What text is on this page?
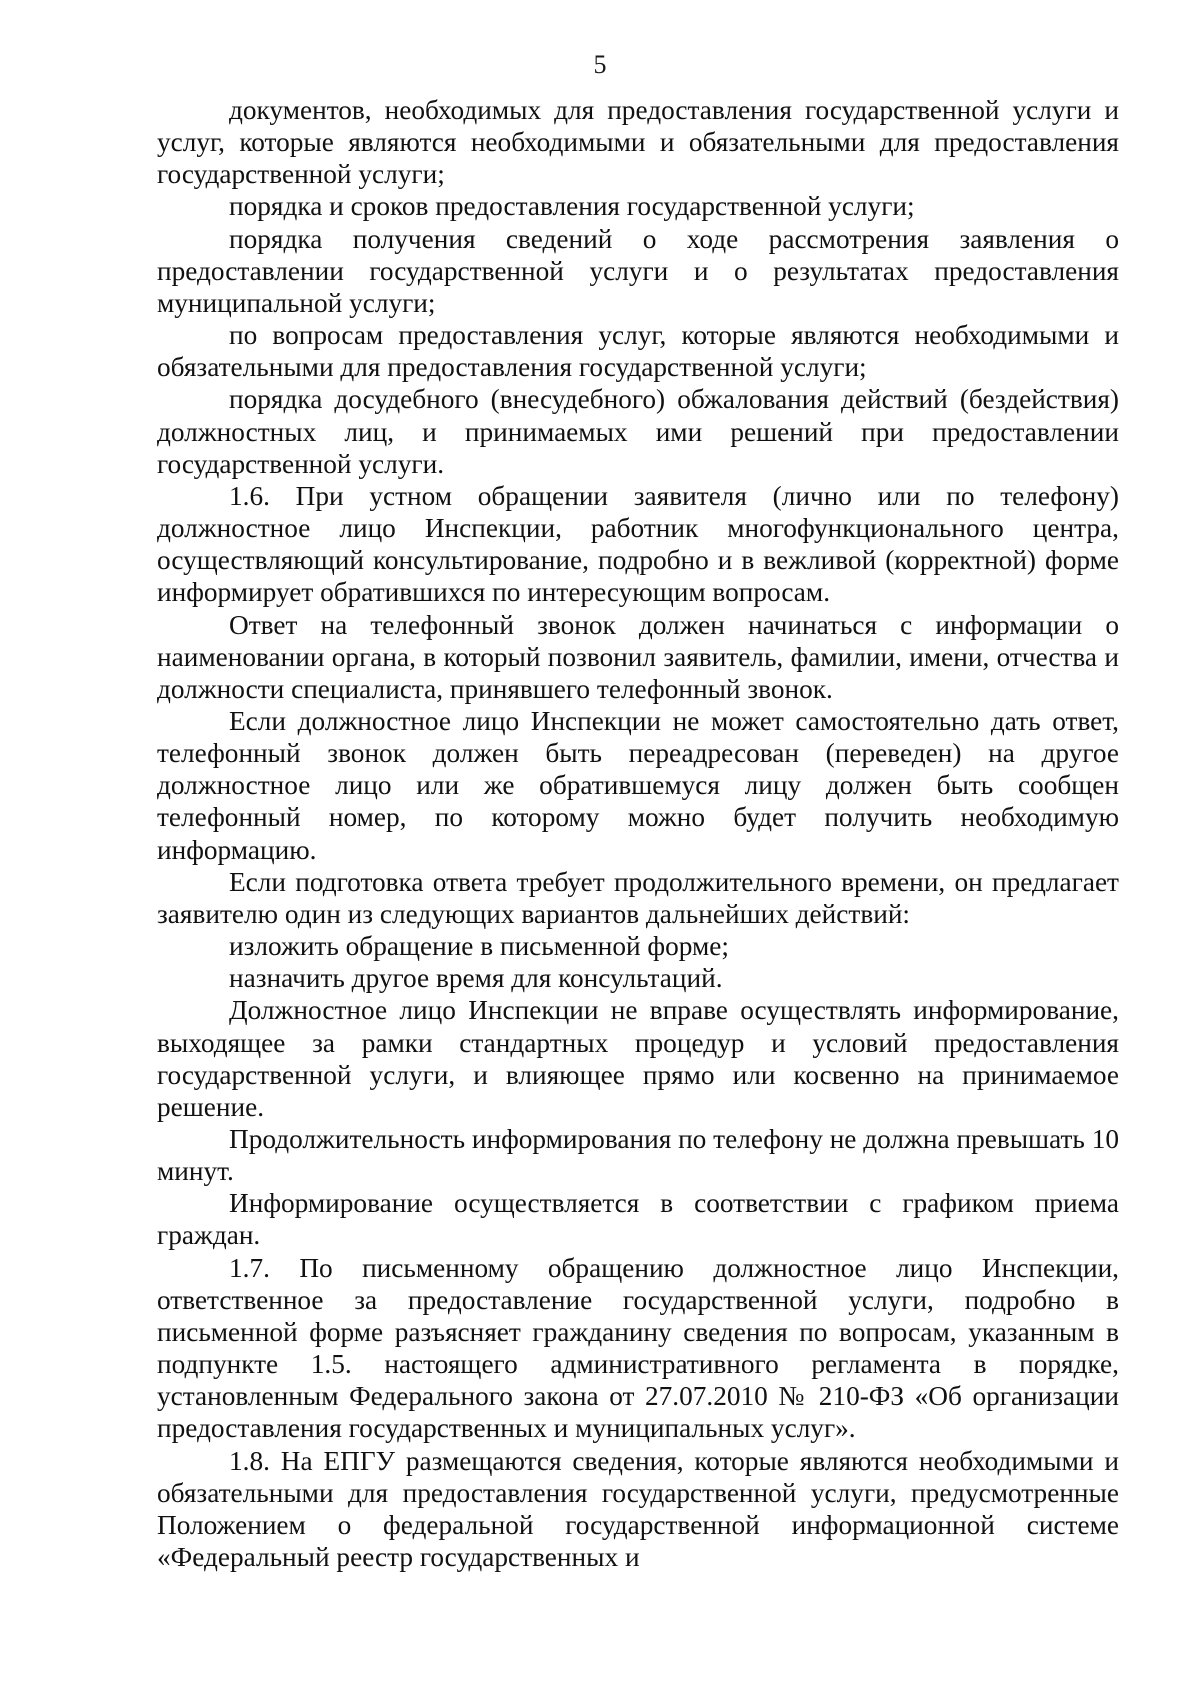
5

документов, необходимых для предоставления государственной услуги и услуг, которые являются необходимыми и обязательными для предоставления государственной услуги;

порядка и сроков предоставления государственной услуги;

порядка получения сведений о ходе рассмотрения заявления о предоставлении государственной услуги и о результатах предоставления муниципальной услуги;

по вопросам предоставления услуг, которые являются необходимыми и обязательными для предоставления государственной услуги;

порядка досудебного (внесудебного) обжалования действий (бездействия) должностных лиц, и принимаемых ими решений при предоставлении государственной услуги.

1.6. При устном обращении заявителя (лично или по телефону) должностное лицо Инспекции, работник многофункционального центра, осуществляющий консультирование, подробно и в вежливой (корректной) форме информирует обратившихся по интересующим вопросам.

Ответ на телефонный звонок должен начинаться с информации о наименовании органа, в который позвонил заявитель, фамилии, имени, отчества и должности специалиста, принявшего телефонный звонок.

Если должностное лицо Инспекции не может самостоятельно дать ответ, телефонный звонок должен быть переадресован (переведен) на другое должностное лицо или же обратившемуся лицу должен быть сообщен телефонный номер, по которому можно будет получить необходимую информацию.

Если подготовка ответа требует продолжительного времени, он предлагает заявителю один из следующих вариантов дальнейших действий:

изложить обращение в письменной форме;

назначить другое время для консультаций.

Должностное лицо Инспекции не вправе осуществлять информирование, выходящее за рамки стандартных процедур и условий предоставления государственной услуги, и влияющее прямо или косвенно на принимаемое решение.

Продолжительность информирования по телефону не должна превышать 10 минут.

Информирование осуществляется в соответствии с графиком приема граждан.

1.7. По письменному обращению должностное лицо Инспекции, ответственное за предоставление государственной услуги, подробно в письменной форме разъясняет гражданину сведения по вопросам, указанным в подпункте 1.5. настоящего административного регламента в порядке, установленным Федерального закона от 27.07.2010 № 210-ФЗ «Об организации предоставления государственных и муниципальных услуг».

1.8. На ЕПГУ размещаются сведения, которые являются необходимыми и обязательными для предоставления государственной услуги, предусмотренные Положением о федеральной государственной информационной системе «Федеральный реестр государственных и
